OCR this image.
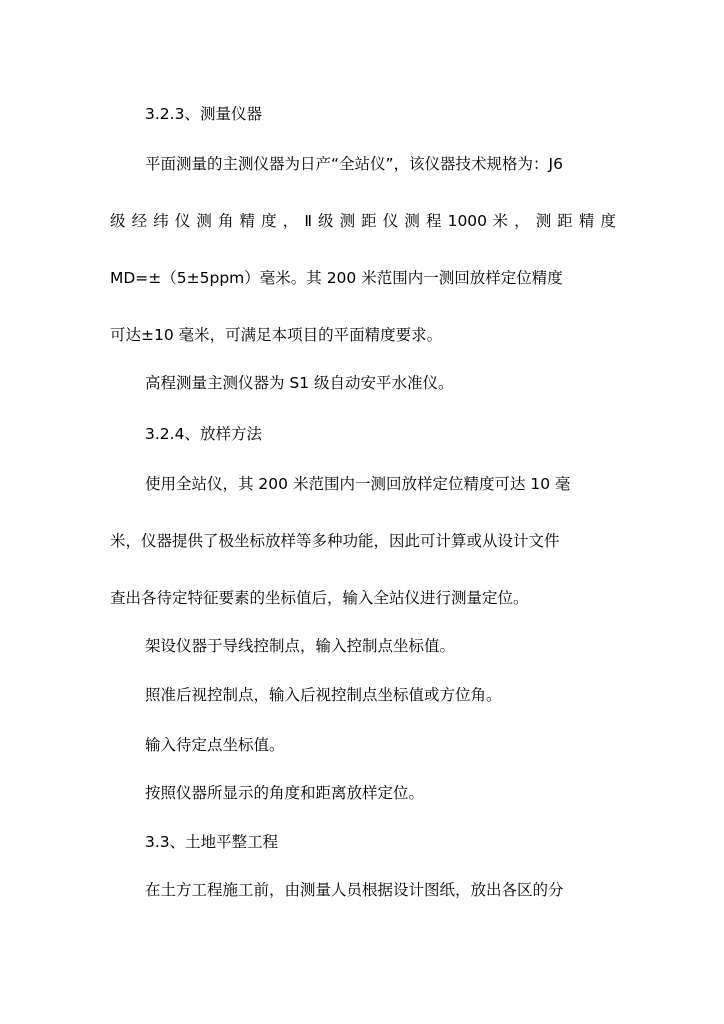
3.2.3、测量仪器
平面测量的主测仪器为日产“全站仪”，该仪器技术规格为：J6
级 经 纬 仪 测 角 精 度 ， Ⅱ 级 测 距 仪 测 程 1000 米 ， 测 距 精 度
MD=±（5±5ppm）毫米。其 200 米范围内一测回放样定位精度
可达±10 毫米，可满足本项目的平面精度要求。
高程测量主测仪器为 S1 级自动安平水准仪。
3.2.4、放样方法
使用全站仪，其 200 米范围内一测回放样定位精度可达 10 毫
米，仪器提供了极坐标放样等多种功能，因此可计算或从设计文件
查出各待定特征要素的坐标值后，输入全站仪进行测量定位。
架设仪器于导线控制点，输入控制点坐标值。
照准后视控制点，输入后视控制点坐标值或方位角。
输入待定点坐标值。
按照仪器所显示的角度和距离放样定位。
3.3、土地平整工程
在土方工程施工前，由测量人员根据设计图纸，放出各区的分
